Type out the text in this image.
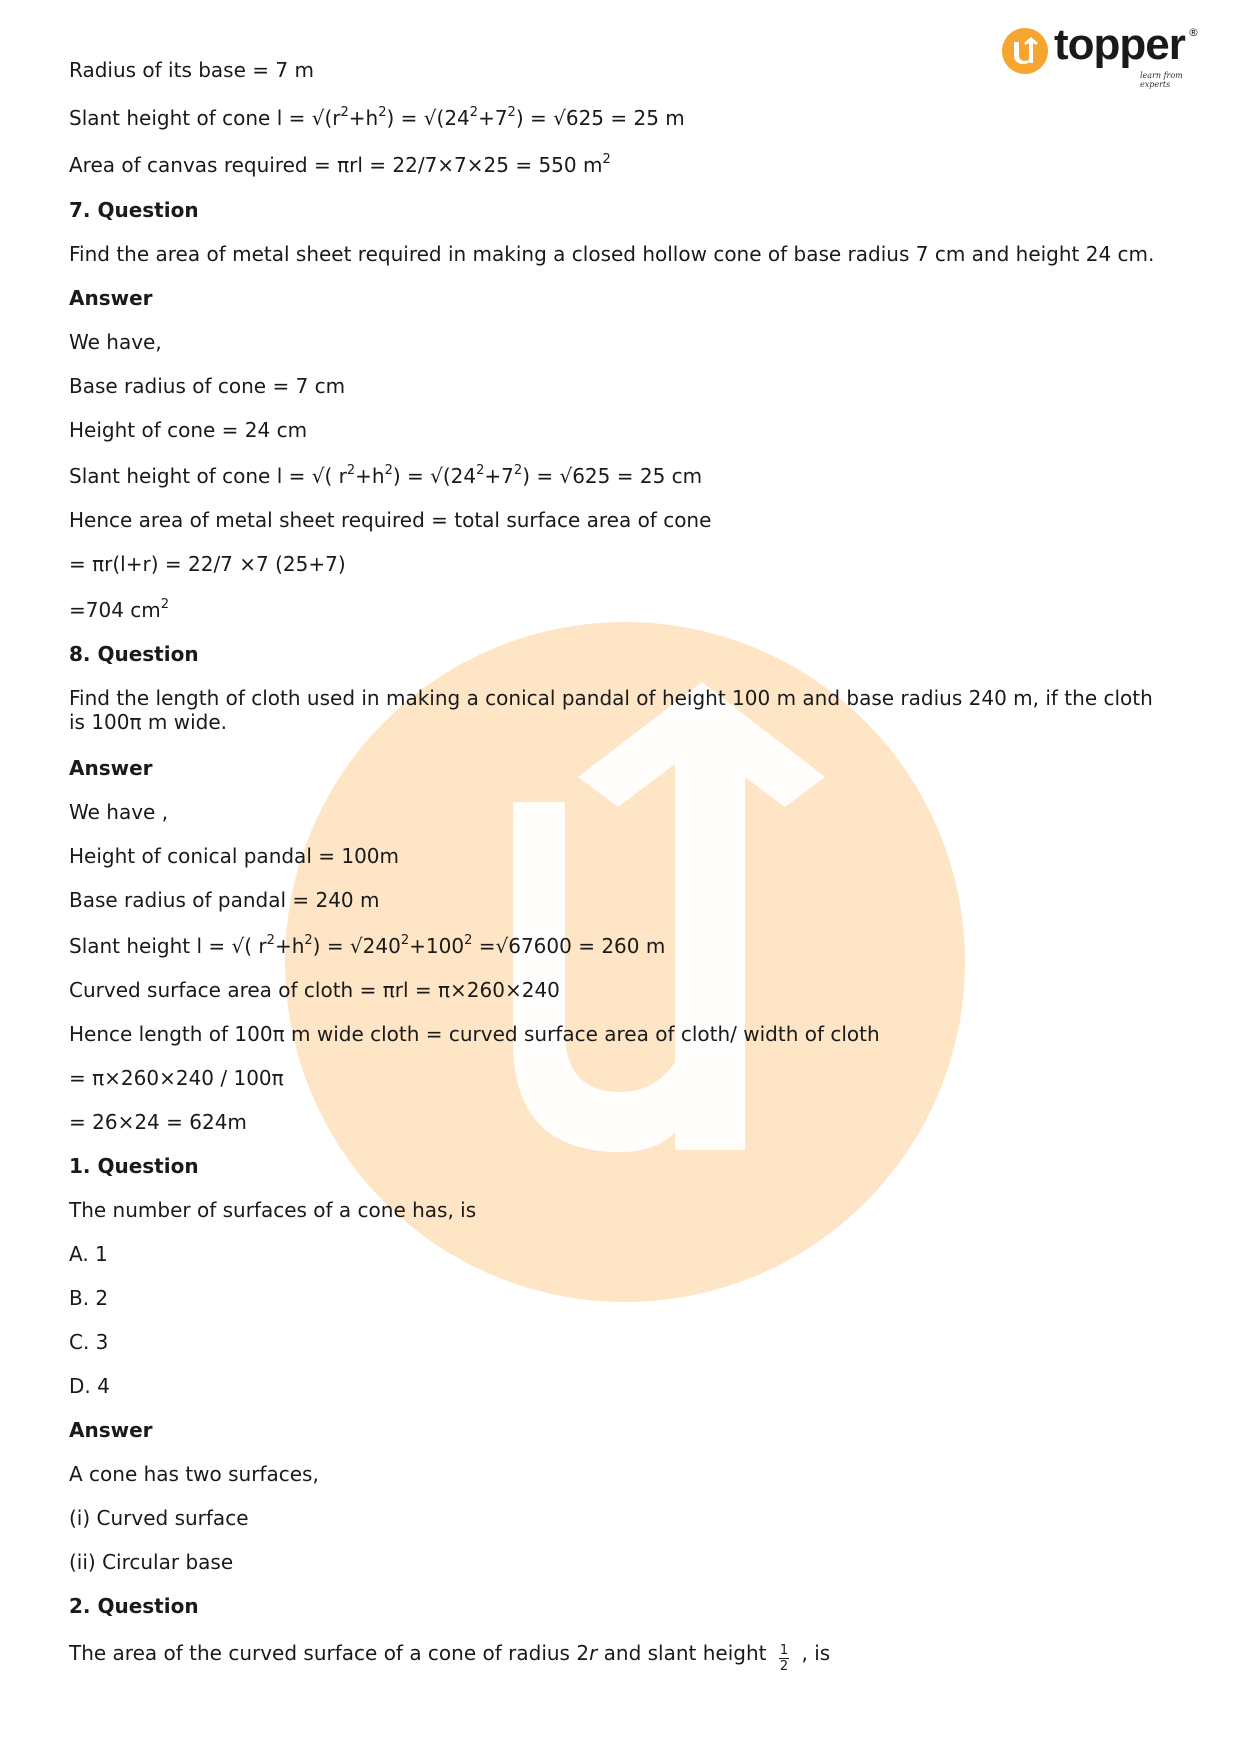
topper ®
learn from experts
Radius of its base = 7 m
Slant height of cone $l = √(r^2+h^2) = √(24^2+7^2) = √625 = 25$ m
Area of canvas required = πrl = 22/7×7×25 = 550 $m^2$
7. Question
Find the area of metal sheet required in making a closed hollow cone of base radius 7 cm and height 24 cm.
Answer
We have,
Base radius of cone = 7 cm
Height of cone = 24 cm
Slant height of cone l = √( $r^2+h^2) = √(24^2+7^2) = √625 = 25$ cm
Hence area of metal sheet required = total surface area of cone
= πr(l+r) = 22/7 ×7 (25+7)
=704 $cm^2$
8. Question
Find the length of cloth used in making a conical pandal of height 100 m and base radius 240 m, if the cloth is 100π m wide.
Answer
We have ,
Height of conical pandal = 100m
Base radius of pandal = 240 m
Slant height l = √( $r^2+h^2) = √240^2+100^2 =√67600 = 260$ m
Curved surface area of cloth = πrl = π×260×240
Hence length of 100π m wide cloth = curved surface area of cloth/ width of cloth
= π×260×240 / 100π
= 26×24 = 624m
1. Question
The number of surfaces of a cone has, is
A. 1
B. 2
C. 3
D. 4
Answer
A cone has two surfaces,
(i) Curved surface
(ii) Circular base
2. Question
The area of the curved surface of a cone of radius 2r and slant height $\frac{1}{2}$ , is
